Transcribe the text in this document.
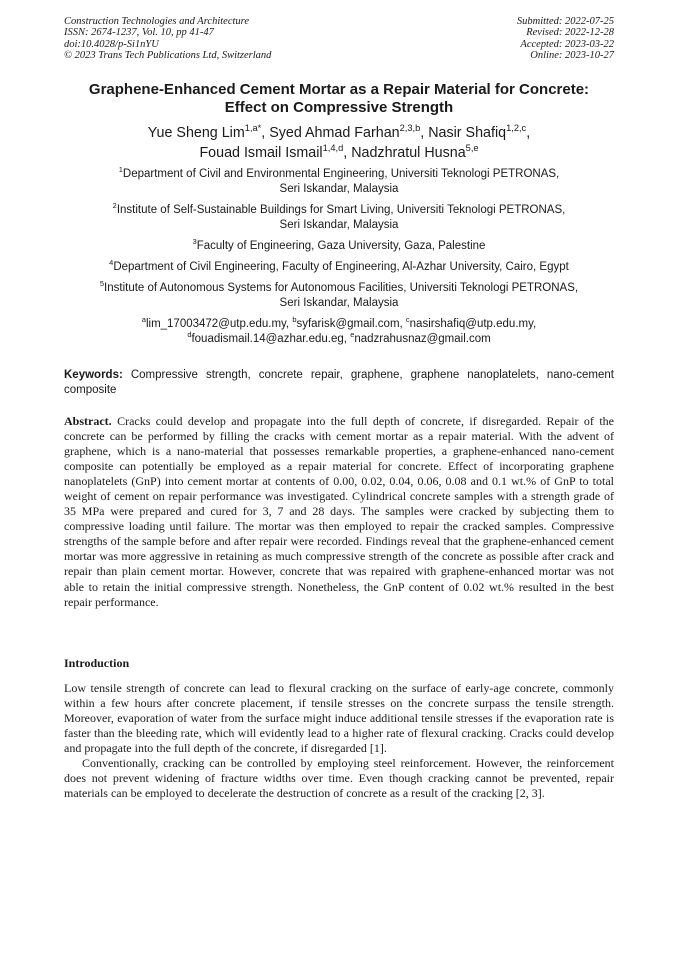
Construction Technologies and Architecture
ISSN: 2674-1237, Vol. 10, pp 41-47
doi:10.4028/p-Si1nYU
© 2023 Trans Tech Publications Ltd, Switzerland
Submitted: 2022-07-25
Revised: 2022-12-28
Accepted: 2023-03-22
Online: 2023-10-27
Graphene-Enhanced Cement Mortar as a Repair Material for Concrete:
Effect on Compressive Strength
Yue Sheng Lim$^{1,a*}$, Syed Ahmad Farhan$^{2,3,b}$, Nasir Shafiq$^{1,2,c}$,
Fouad Ismail Ismail$^{1,4,d}$, Nadzhratul Husna$^{5,e}$
$^1$Department of Civil and Environmental Engineering, Universiti Teknologi PETRONAS,
Seri Iskandar, Malaysia
$^2$Institute of Self-Sustainable Buildings for Smart Living, Universiti Teknologi PETRONAS,
Seri Iskandar, Malaysia
$^3$Faculty of Engineering, Gaza University, Gaza, Palestine
$^4$Department of Civil Engineering, Faculty of Engineering, Al-Azhar University, Cairo, Egypt
$^5$Institute of Autonomous Systems for Autonomous Facilities, Universiti Teknologi PETRONAS,
Seri Iskandar, Malaysia
$^a$lim_17003472@utp.edu.my, $^b$syfarisk@gmail.com, $^c$nasirshafiq@utp.edu.my,
$^d$fouadismail.14@azhar.edu.eg, $^e$nadzrahusnaz@gmail.com
Keywords: Compressive strength, concrete repair, graphene, graphene nanoplatelets, nano-cement composite
Abstract. Cracks could develop and propagate into the full depth of concrete, if disregarded. Repair of the concrete can be performed by filling the cracks with cement mortar as a repair material. With the advent of graphene, which is a nano-material that possesses remarkable properties, a graphene-enhanced nano-cement composite can potentially be employed as a repair material for concrete. Effect of incorporating graphene nanoplatelets (GnP) into cement mortar at contents of 0.00, 0.02, 0.04, 0.06, 0.08 and 0.1 wt.% of GnP to total weight of cement on repair performance was investigated. Cylindrical concrete samples with a strength grade of 35 MPa were prepared and cured for 3, 7 and 28 days. The samples were cracked by subjecting them to compressive loading until failure. The mortar was then employed to repair the cracked samples. Compressive strengths of the sample before and after repair were recorded. Findings reveal that the graphene-enhanced cement mortar was more aggressive in retaining as much compressive strength of the concrete as possible after crack and repair than plain cement mortar. However, concrete that was repaired with graphene-enhanced mortar was not able to retain the initial compressive strength. Nonetheless, the GnP content of 0.02 wt.% resulted in the best repair performance.
Introduction

Low tensile strength of concrete can lead to flexural cracking on the surface of early-age concrete, commonly within a few hours after concrete placement, if tensile stresses on the concrete surpass the tensile strength. Moreover, evaporation of water from the surface might induce additional tensile stresses if the evaporation rate is faster than the bleeding rate, which will evidently lead to a higher rate of flexural cracking. Cracks could develop and propagate into the full depth of the concrete, if disregarded [1].

Conventionally, cracking can be controlled by employing steel reinforcement. However, the reinforcement does not prevent widening of fracture widths over time. Even though cracking cannot be prevented, repair materials can be employed to decelerate the destruction of concrete as a result of the cracking [2, 3].
